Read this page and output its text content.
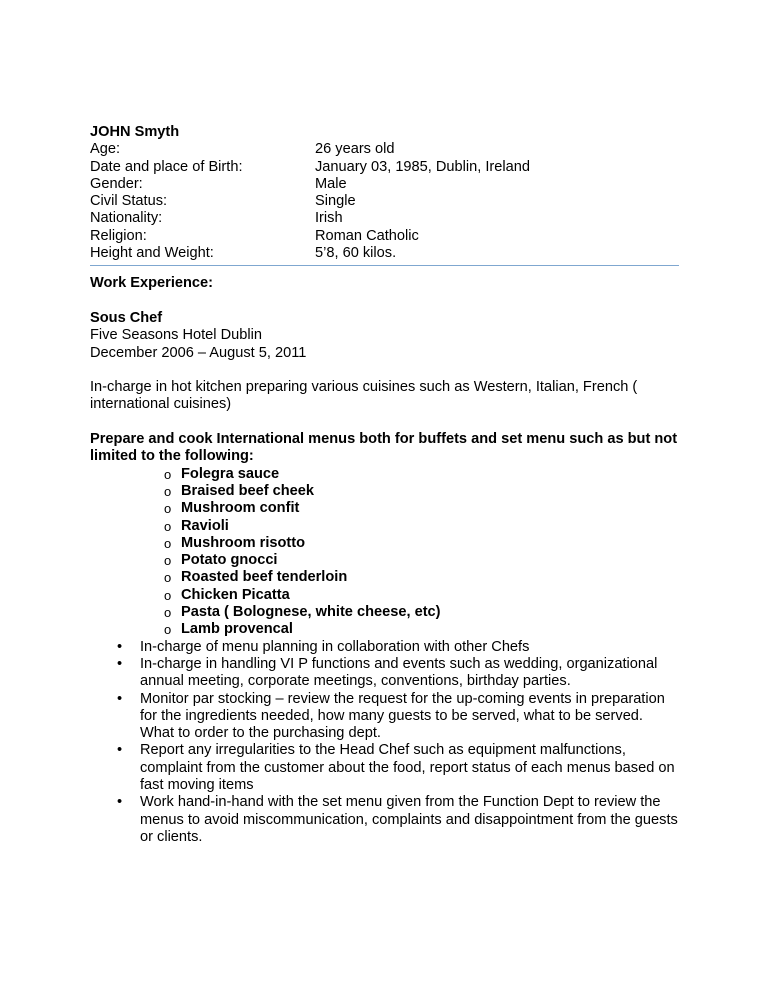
JOHN Smyth
Age:	26 years old
Date and place of Birth:	January 03, 1985, Dublin, Ireland
Gender:	Male
Civil Status:	Single
Nationality:	Irish
Religion:	Roman Catholic
Height and Weight:	5’8, 60 kilos.
Work Experience:
Sous Chef
Five Seasons Hotel Dublin
December 2006 – August 5, 2011
In-charge in hot kitchen preparing various cuisines such as Western, Italian, French ( international cuisines)
Prepare and cook International menus both for buffets and set menu such as but not limited to the following:
o Folegra sauce
o Braised beef cheek
o Mushroom confit
o Ravioli
o Mushroom risotto
o Potato gnocci
o Roasted beef tenderloin
o Chicken Picatta
o Pasta ( Bolognese, white cheese, etc)
o Lamb provencal
• In-charge of menu planning in collaboration with other Chefs
• In-charge in handling VI P functions and events such as wedding, organizational annual meeting, corporate meetings, conventions, birthday parties.
• Monitor par stocking – review the request for the up-coming events in preparation for the ingredients needed, how many guests to be served, what to be served. What to order to the purchasing dept.
• Report any irregularities to the Head Chef such as equipment malfunctions, complaint from the customer about the food, report status of each menus based on fast moving items
• Work hand-in-hand with the set menu given from the Function Dept to review the menus to avoid miscommunication, complaints and disappointment from the guests or clients.
